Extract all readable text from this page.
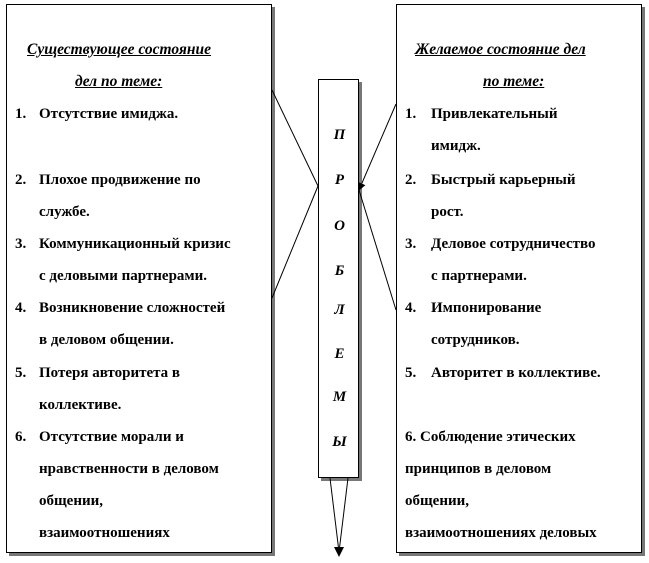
Существующее состояние
дел по теме:
1. Отсутствие имиджа.
2. Плохое продвижение по
службе.
3. Коммуникационный кризис
с деловыми партнерами.
4. Возникновение сложностей
в деловом общении.
5. Потеря авторитета в
коллективе.
6. Отсутствие морали и
нравственности в деловом
общении,
взаимоотношениях
П
Р
О
Б
Л
Е
М
Ы
Желаемое состояние дел
по теме:
1. Привлекательный
имидж.
2. Быстрый карьерный
рост.
3. Деловое сотрудничество
с партнерами.
4. Импонирование
сотрудников.
5. Авторитет в коллективе.
6. Соблюдение этических
принципов в деловом
общении,
взаимоотношениях деловых
